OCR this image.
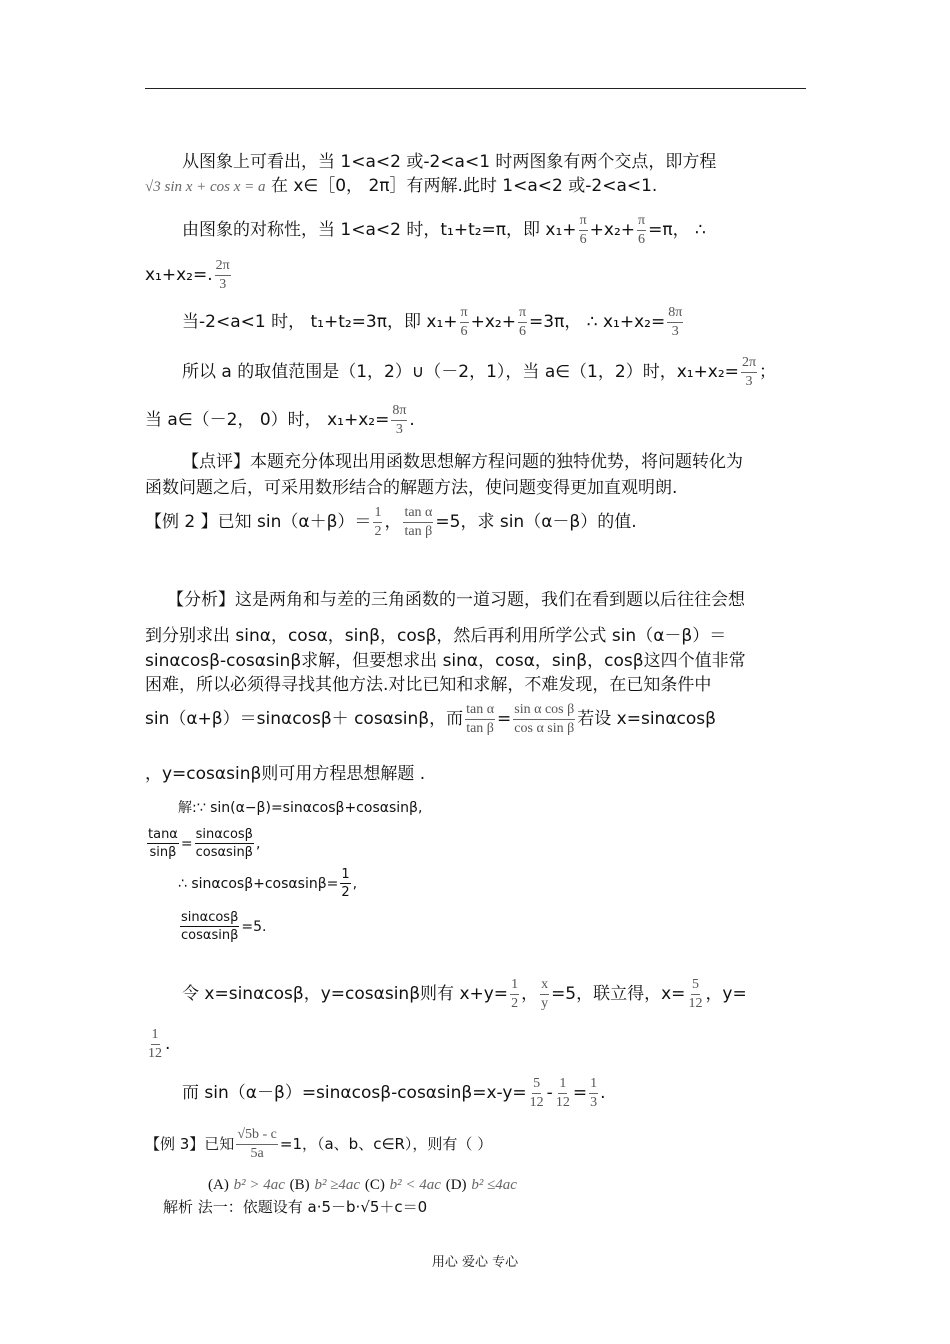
从图象上可看出，当 1<a<2 或-2<a<1 时两图象有两个交点，即方程
√3 sin x + cos x = a 在 x∈［0， 2π］有两解.此时 1<a<2 或-2<a<1.
由图象的对称性，当 1<a<2 时，t₁+t₂=π，即 $x_1+ \frac{\pi}{6} +x_2+ \frac{\pi}{6} =\pi$， ∴
x₁+x₂=. $\frac{2\pi}{3}$
当-2<a<1 时， t₁+t₂=3π，即 $x_1+ \frac{\pi}{6} +x_2+ \frac{\pi}{6} =3\pi$， ∴ $x_1+x_2= \frac{8\pi}{3}$
所以 a 的取值范围是（1，2）∪（－2，1），当 a∈（1，2）时，$x_1+x_2= \frac{2\pi}{3}$ ；
当 a∈（－2， 0）时， $x_1+x_2= \frac{8\pi}{3}$ .
【点评】本题充分体现出用函数思想解方程问题的独特优势，将问题转化为
函数问题之后，可采用数形结合的解题方法，使问题变得更加直观明朗.
【例 2 】已知 $\sin(\alpha+\beta)= \frac{1}{2}$ ， $\frac{\text{tan α}}{\text{tan β}} =5$，求 sin（α－β）的值.
【分析】这是两角和与差的三角函数的一道习题，我们在看到题以后往往会想
到分别求出 sinα，cosα，sinβ，cosβ，然后再利用所学公式 sin（α－β）＝
sinαcosβ-cosαsinβ求解，但要想求出 sinα，cosα，sinβ，cosβ这四个值非常
困难，所以必须得寻找其他方法.对比已知和求解，不难发现，在已知条件中
sin（α+β）＝sinαcosβ＋ cosαsinβ，而 $\frac{\text{tan α}}{\text{tan β}} = \frac{\text{sin α cos β}}{\text{cos α sin β}}$ 若设 x=sinαcosβ
，y=cosαsinβ则可用方程思想解题 .
解:∵ sin(α−β)=sinαcosβ+cosαsinβ,
$\frac{\tan\alpha}{\sin\beta} = \frac{\sin\alpha\cos\beta}{\cos\alpha\sin\beta}$ ,
∴ $\sin\alpha\cos\beta+\cos\alpha\sin\beta= \frac{1}{2}$ ,
$\frac{\sin\alpha\cos\beta}{\cos\alpha\sin\beta} =5$.
令 x=sinαcosβ，y=cosαsinβ则有 $x+y= \frac{1}{2}$ ， $\frac{x}{y} =5$，联立得，$x= \frac{5}{12}$ ，y=
$\frac{1}{12}$ .
而 $\sin(\alpha-\beta)=\sin\alpha\cos\beta-\cos\alpha\sin\beta=x-y= \frac{5}{12} - \frac{1}{12} = \frac{1}{3}$ .
【例 3】已知 $\frac{√5b - c}{5a} =1$，（a、b、c∈R），则有（ ）
(A) b² > 4ac (B) b² ≥4ac (C) b² < 4ac (D) b² ≤4ac
解析 法一：依题设有 a·5－b·√5＋c＝0
用心 爱心 专心
